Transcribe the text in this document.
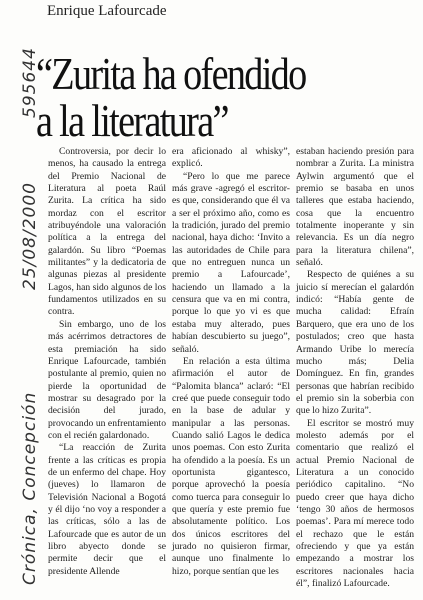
595644
25/08/2000
Crónica, Concepción
Enrique Lafourcade
“Zurita ha ofendido
a la literatura”

Controversia, por decir lo menos, ha causado la entrega del Premio Nacional de Literatura al poeta Raúl Zurita. La crítica ha sido mordaz con el escritor atribuyéndole una valoración política a la entrega del galardón. Su libro “Poemas militantes” y la dedicatoria de algunas piezas al presidente Lagos, han sido algunos de los fundamentos utilizados en su contra.

Sin embargo, uno de los más acérrimos detractores de esta premiación ha sido Enrique Lafourcade, también postulante al premio, quien no pierde la oportunidad de mostrar su desagrado por la decisión del jurado, provocando un enfrentamiento con el recién galardonado.

“La reacción de Zurita frente a las críticas es propia de un enfermo del chape. Hoy (jueves) lo llamaron de Televisión Nacional a Bogotá y él dijo ‘no voy a responder a las críticas, sólo a las de Lafourcade que es autor de un libro abyecto donde se permite decir que el presidente Allende

era aficionado al whisky”, explicó.

“Pero lo que me parece más grave -agregó el escritor- es que, considerando que él va a ser el próximo año, como es la tradición, jurado del premio nacional, haya dicho: ‘Invito a las autoridades de Chile para que no entreguen nunca un premio a Lafourcade’, haciendo un llamado a la censura que va en mi contra, porque lo que yo vi es que estaba muy alterado, pues habían descubierto su juego”, señaló.

En relación a esta última afirmación el autor de “Palomita blanca” aclaró: “El creé que puede conseguir todo en la base de adular y manipular a las personas. Cuando salió Lagos le dedica unos poemas. Con esto Zurita ha ofendido a la poesía. Es un oportunista gigantesco, porque aprovechó la poesía como tuerca para conseguir lo que quería y este premio fue absolutamente político. Los dos únicos escritores del jurado no quisieron firmar, aunque uno finalmente lo hizo, porque sentían que les

estaban haciendo presión para nombrar a Zurita. La ministra Aylwin argumentó que el premio se basaba en unos talleres que estaba haciendo, cosa que la encuentro totalmente inoperante y sin relevancia. Es un día negro para la literatura chilena”, señaló.

Respecto de quiénes a su juicio sí merecían el galardón indicó: “Había gente de mucha calidad: Efraín Barquero, que era uno de los postulados; creo que hasta Armando Uribe lo merecía mucho más; Delia Domínguez. En fin, grandes personas que habrían recibido el premio sin la soberbia con que lo hizo Zurita”.

El escritor se mostró muy molesto además por el comentario que realizó el actual Premio Nacional de Literatura a un conocido periódico capitalino. “No puedo creer que haya dicho ‘tengo 30 años de hermosos poemas’. Para mí merece todo el rechazo que le están ofreciendo y que ya están empezando a mostrar los escritores nacionales hacia él”, finalizó Lafourcade.
